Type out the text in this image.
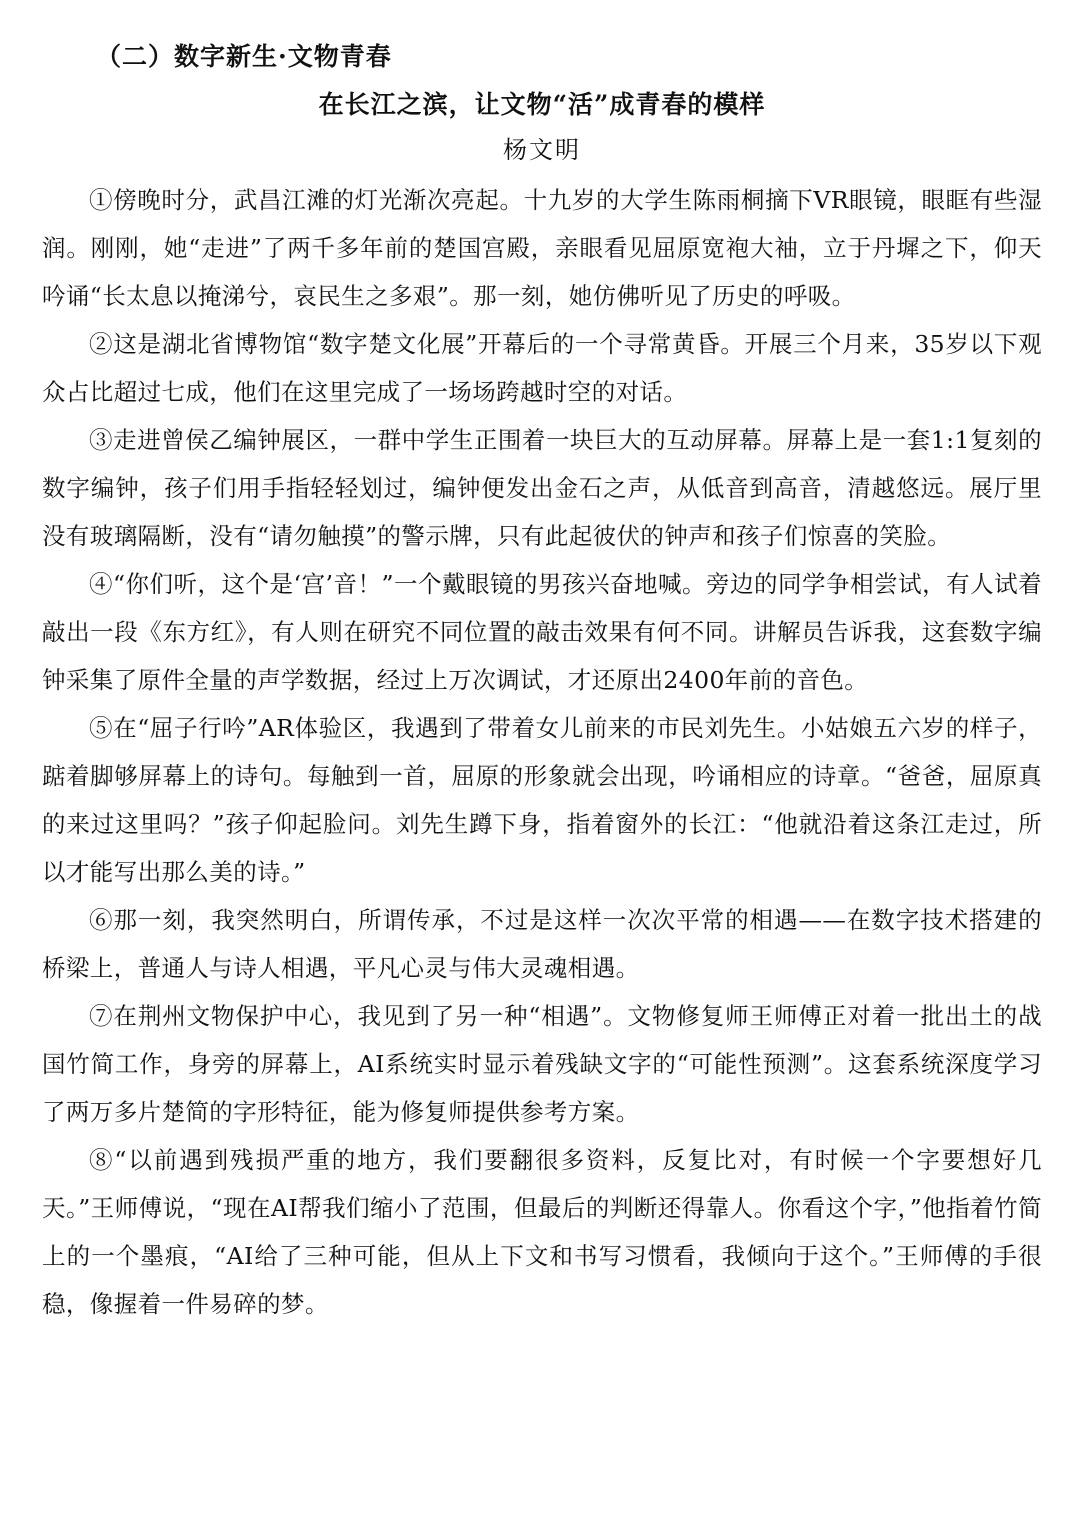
（二）数字新生·文物青春
在长江之滨，让文物“活”成青春的模样
杨文明

①傍晚时分，武昌江滩的灯光渐次亮起。十九岁的大学生陈雨桐摘下VR眼镜，眼眶有些湿润。刚刚，她“走进”了两千多年前的楚国宫殿，亲眼看见屈原宽袍大袖，立于丹墀之下，仰天吟诵“长太息以掩涕兮，哀民生之多艰”。那一刻，她仿佛听见了历史的呼吸。

②这是湖北省博物馆“数字楚文化展”开幕后的一个寻常黄昏。开展三个月来，35岁以下观众占比超过七成，他们在这里完成了一场场跨越时空的对话。

③走进曾侯乙编钟展区，一群中学生正围着一块巨大的互动屏幕。屏幕上是一套1:1复刻的数字编钟，孩子们用手指轻轻划过，编钟便发出金石之声，从低音到高音，清越悠远。展厅里没有玻璃隔断，没有“请勿触摸”的警示牌，只有此起彼伏的钟声和孩子们惊喜的笑脸。

④“你们听，这个是‘宫’音！”一个戴眼镜的男孩兴奋地喊。旁边的同学争相尝试，有人试着敲出一段《东方红》，有人则在研究不同位置的敲击效果有何不同。讲解员告诉我，这套数字编钟采集了原件全量的声学数据，经过上万次调试，才还原出2400年前的音色。

⑤在“屈子行吟”AR体验区，我遇到了带着女儿前来的市民刘先生。小姑娘五六岁的样子，踮着脚够屏幕上的诗句。每触到一首，屈原的形象就会出现，吟诵相应的诗章。“爸爸，屈原真的来过这里吗？”孩子仰起脸问。刘先生蹲下身，指着窗外的长江：“他就沿着这条江走过，所以才能写出那么美的诗。”

⑥那一刻，我突然明白，所谓传承，不过是这样一次次平常的相遇——在数字技术搭建的桥梁上，普通人与诗人相遇，平凡心灵与伟大灵魂相遇。

⑦在荆州文物保护中心，我见到了另一种“相遇”。文物修复师王师傅正对着一批出土的战国竹简工作，身旁的屏幕上，AI系统实时显示着残缺文字的“可能性预测”。这套系统深度学习了两万多片楚简的字形特征，能为修复师提供参考方案。

⑧“以前遇到残损严重的地方，我们要翻很多资料，反复比对，有时候一个字要想好几天。”王师傅说，“现在AI帮我们缩小了范围，但最后的判断还得靠人。你看这个字，”他指着竹简上的一个墨痕，“AI给了三种可能，但从上下文和书写习惯看，我倾向于这个。”王师傅的手很稳，像握着一件易碎的梦。
